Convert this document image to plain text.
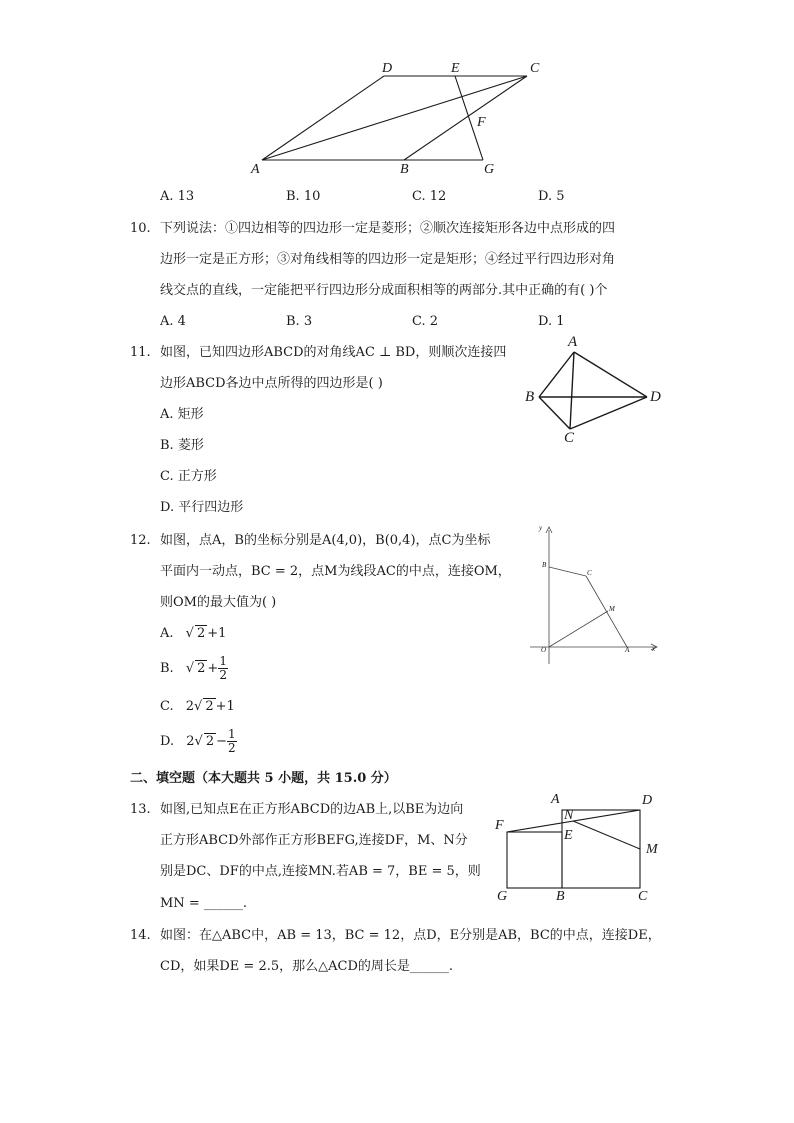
D	E	C
F
A	B	G
A. 13	B. 10	C. 12	D. 5
10. 下列说法：①四边相等的四边形一定是菱形；②顺次连接矩形各边中点形成的四
边形一定是正方形；③对角线相等的四边形一定是矩形；④经过平行四边形对角
线交点的直线，一定能把平行四边形分成面积相等的两部分.其中正确的有( )个
A. 4	B. 3	C. 2	D. 1
11. 如图，已知四边形ABCD的对角线AC ⊥ BD，则顺次连接四
边形ABCD各边中点所得的四边形是( )
A. 矩形
B. 菱形
C. 正方形
D. 平行四边形
A
B	D
C
12. 如图，点A，B的坐标分别是A(4,0)，B(0,4)，点C为坐标
平面内一动点，BC = 2，点M为线段AC的中点，连接OM，
则OM的最大值为( )
A. √ 2 +1
B. √ $2 + \frac{1}{2}$
C. 2√ 2 +1
D. 2√ $2 - \frac{1}{2}$
y
x
O	A
B
C
M
二、填空题（本大题共 5 小题，共 15.0 分）
13. 如图,已知点E在正方形ABCD的边AB上,以BE为边向
正方形ABCD外部作正方形BEFG,连接DF，M、N分
别是DC、DF的中点,连接MN.若AB = 7，BE = 5，则
MN = ______.
A	D
N
F
E
M
G	B	C
14. 如图：在△ABC中，AB = 13，BC = 12，点D，E分别是AB，BC的中点，连接DE，
CD，如果DE = 2.5，那么△ACD的周长是______.
